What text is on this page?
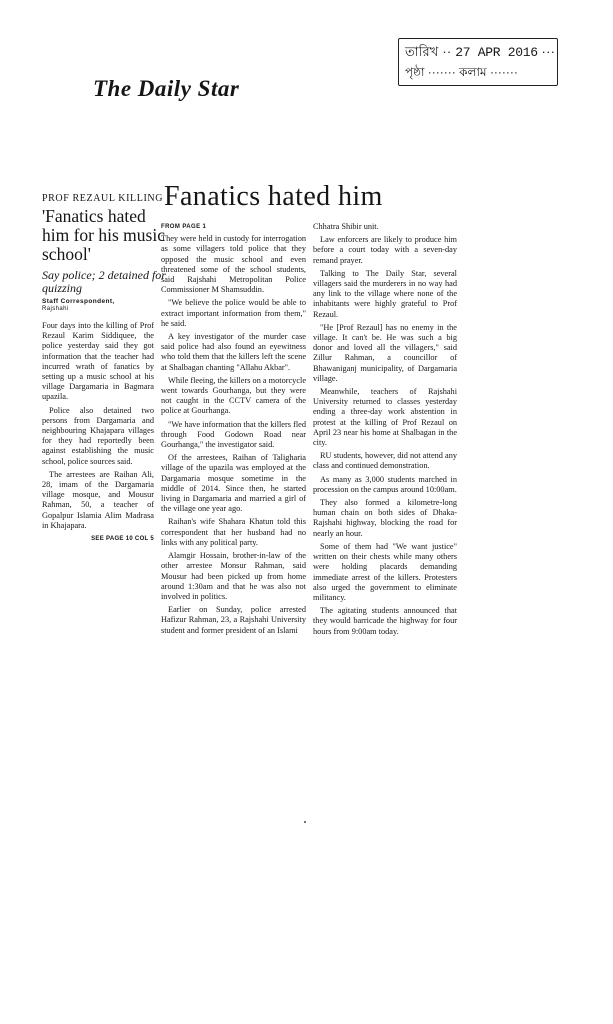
তারিখ ·· 27 APR 2016 ···
পৃষ্ঠা ······· কলাম ·······
The Daily Star
Fanatics hated him
PROF REZAUL KILLING
'Fanatics hated him for his music school'
Say police; 2 detained for quizzing
Staff Correspondent,
Rajshahi

Four days into the killing of Prof Rezaul Karim Siddiquee, the police yesterday said they got information that the teacher had incurred wrath of fanatics by setting up a music school at his village Dargamaria in Bagmara upazila.

Police also detained two persons from Dargamaria and neighbouring Khajapara villages for they had reportedly been against establishing the music school, police sources said.

The arrestees are Raihan Ali, 28, imam of the Dargamaria village mosque, and Mousur Rahman, 50, a teacher of Gopalpur Islamia Alim Madrasa in Khajapara.

SEE PAGE 10 COL 5
FROM PAGE 1

They were held in custody for interrogation as some villagers told police that they opposed the music school and even threatened some of the school students, said Rajshahi Metropolitan Police Commissioner M Shamsuddin.

"We believe the police would be able to extract important information from them," he said.

A key investigator of the murder case said police had also found an eyewitness who told them that the killers left the scene at Shalbagan chanting "Allahu Akbar".

While fleeing, the killers on a motorcycle went towards Gourhanga, but they were not caught in the CCTV camera of the police at Gourhanga.

"We have information that the killers fled through Food Godown Road near Gourhanga," the investigator said.

Of the arrestees, Raihan of Taligharia village of the upazila was employed at the Dargamaria mosque sometime in the middle of 2014. Since then, he started living in Dargamaria and married a girl of the village one year ago.

Raihan's wife Shahara Khatun told this correspondent that her husband had no links with any political party.

Alamgir Hossain, brother-in-law of the other arrestee Monsur Rahman, said Mousur had been picked up from home around 1:30am and that he was also not involved in politics.

Earlier on Sunday, police arrested Hafizur Rahman, 23, a Rajshahi University student and former president of an Islami

Chhatra Shibir unit.

Law enforcers are likely to produce him before a court today with a seven-day remand prayer.

Talking to The Daily Star, several villagers said the murderers in no way had any link to the village where none of the inhabitants were highly grateful to Prof Rezaul.

"He [Prof Rezaul] has no enemy in the village. It can't be. He was such a big donor and loved all the villagers," said Zillur Rahman, a councillor of Bhawaniganj municipality, of Dargamaria village.

Meanwhile, teachers of Rajshahi University returned to classes yesterday ending a three-day work abstention in protest at the killing of Prof Rezaul on April 23 near his home at Shalbagan in the city.

RU students, however, did not attend any class and continued demonstration.

As many as 3,000 students marched in procession on the campus around 10:00am.

They also formed a kilometre-long human chain on both sides of Dhaka-Rajshahi highway, blocking the road for nearly an hour.

Some of them had "We want justice" written on their chests while many others were holding placards demanding immediate arrest of the killers. Protesters also urged the government to eliminate militancy.

The agitating students announced that they would barricade the highway for four hours from 9:00am today.
